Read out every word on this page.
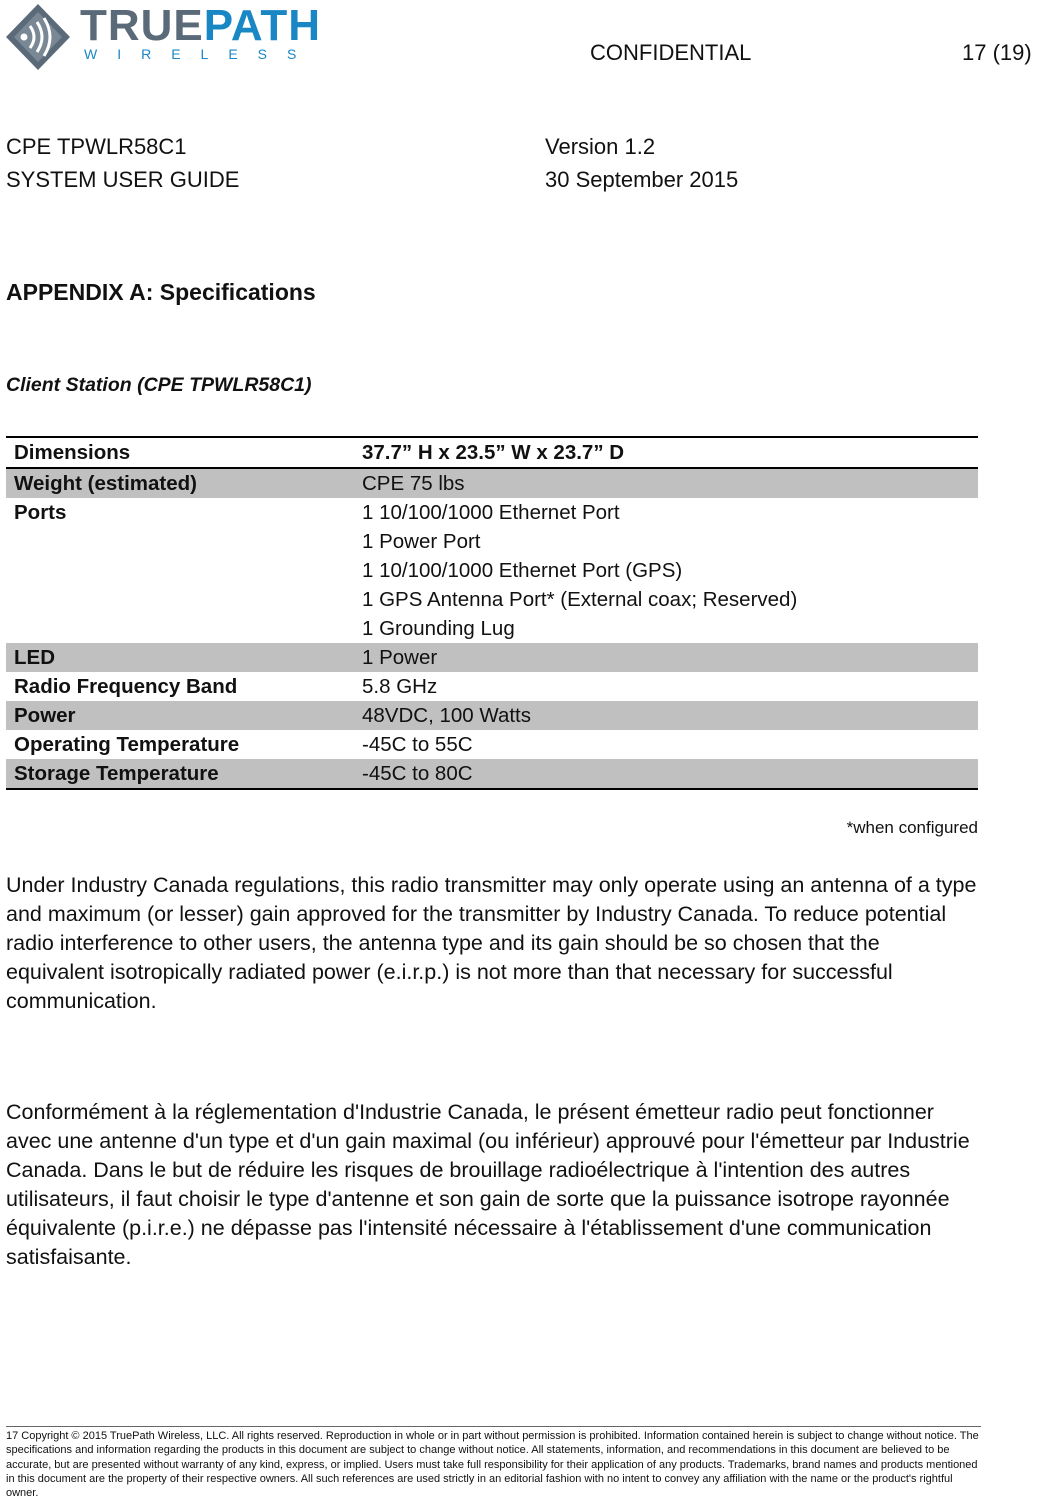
TRUEPATH
WIRELESS	CONFIDENTIAL	17 (19)
CPE TPWLR58C1
SYSTEM USER GUIDE
Version 1.2
30 September 2015
APPENDIX A: Specifications
Client Station (CPE TPWLR58C1)
Dimensions	37.7” H x 23.5” W x 23.7” D
Weight (estimated)	CPE 75 lbs
Ports	1 10/100/1000 Ethernet Port
1 Power Port
1 10/100/1000 Ethernet Port (GPS)
1 GPS Antenna Port* (External coax; Reserved)
1 Grounding Lug
LED	1 Power
Radio Frequency Band	5.8 GHz
Power	48VDC, 100 Watts
Operating Temperature	-45C to 55C
Storage Temperature	-45C to 80C
*when configured
Under Industry Canada regulations, this radio transmitter may only operate using an antenna of a type and maximum (or lesser) gain approved for the transmitter by Industry Canada. To reduce potential radio interference to other users, the antenna type and its gain should be so chosen that the equivalent isotropically radiated power (e.i.r.p.) is not more than that necessary for successful communication.
Conformément à la réglementation d'Industrie Canada, le présent émetteur radio peut fonctionner avec une antenne d'un type et d'un gain maximal (ou inférieur) approuvé pour l'émetteur par Industrie Canada. Dans le but de réduire les risques de brouillage radioélectrique à l'intention des autres utilisateurs, il faut choisir le type d'antenne et son gain de sorte que la puissance isotrope rayonnée équivalente (p.i.r.e.) ne dépasse pas l'intensité nécessaire à l'établissement d'une communication satisfaisante.
17 Copyright © 2015 TruePath Wireless, LLC. All rights reserved. Reproduction in whole or in part without permission is prohibited. Information contained herein is subject to change without notice. The specifications and information regarding the products in this document are subject to change without notice. All statements, information, and recommendations in this document are believed to be accurate, but are presented without warranty of any kind, express, or implied. Users must take full responsibility for their application of any products. Trademarks, brand names and products mentioned in this document are the property of their respective owners. All such references are used strictly in an editorial fashion with no intent to convey any affiliation with the name or the product's rightful owner.
